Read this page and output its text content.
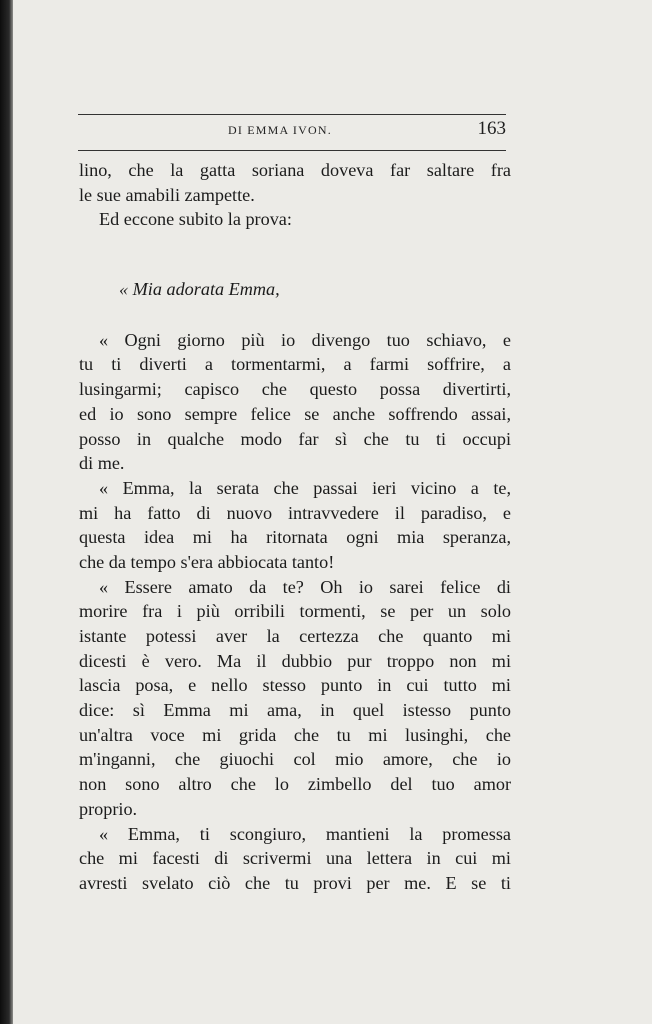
DI EMMA IVON.	163
lino, che la gatta soriana doveva far saltare fra
le sue amabili zampette.
Ed eccone subito la prova:
« Mia adorata Emma,
« Ogni giorno più io divengo tuo schiavo, e
tu ti diverti a tormentarmi, a farmi soffrire, a
lusingarmi; capisco che questo possa divertirti,
ed io sono sempre felice se anche soffrendo assai,
posso in qualche modo far sì che tu ti occupi
di me.
« Emma, la serata che passai ieri vicino a te,
mi ha fatto di nuovo intravvedere il paradiso, e
questa idea mi ha ritornata ogni mia speranza,
che da tempo s'era abbiocata tanto!
« Essere amato da te? Oh io sarei felice di
morire fra i più orribili tormenti, se per un solo
istante potessi aver la certezza che quanto mi
dicesti è vero. Ma il dubbio pur troppo non mi
lascia posa, e nello stesso punto in cui tutto mi
dice: sì Emma mi ama, in quel istesso punto
un'altra voce mi grida che tu mi lusinghi, che
m'inganni, che giuochi col mio amore, che io
non sono altro che lo zimbello del tuo amor
proprio.
« Emma, ti scongiuro, mantieni la promessa
che mi facesti di scrivermi una lettera in cui mi
avresti svelato ciò che tu provi per me. E se ti
